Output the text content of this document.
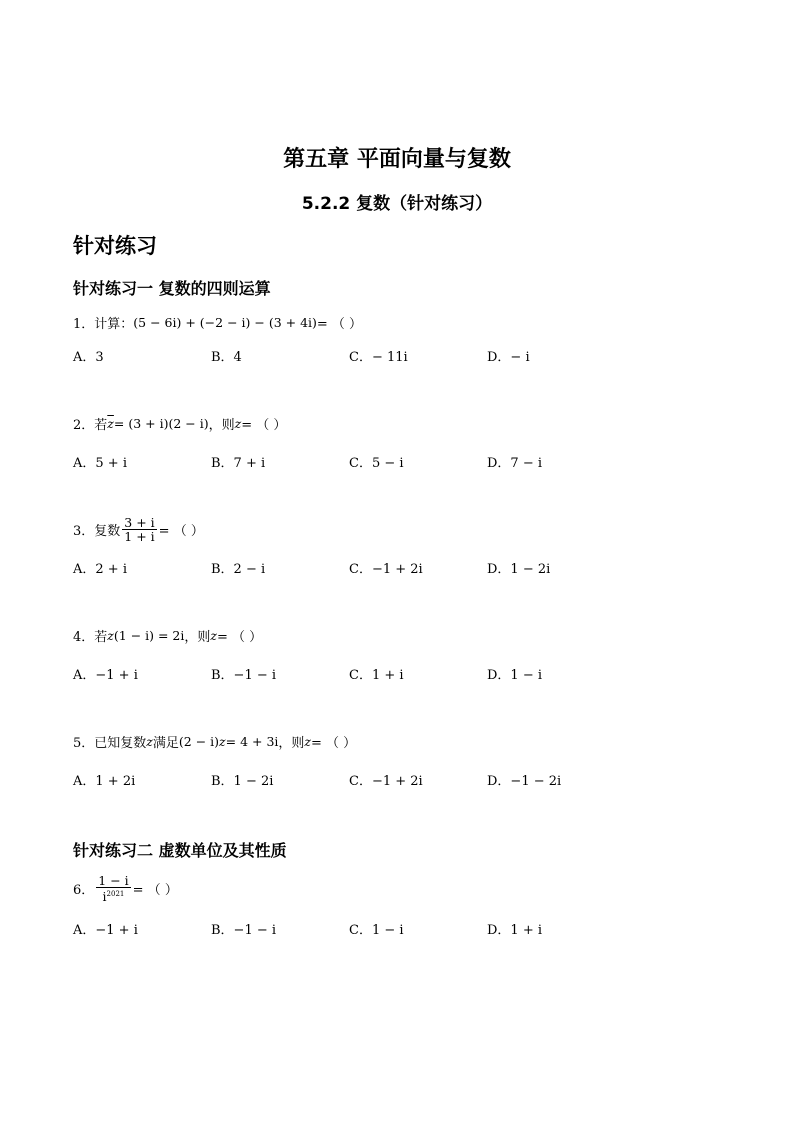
第五章 平面向量与复数
5.2.2 复数（针对练习）
针对练习
针对练习一 复数的四则运算
1． 计算： (5 − 6i) + (−2 − i) − (3 + 4i) = （ ）
A．3	B．4	C．− 11i	D．− i
2． 若 $\overline{z} = (3 + i)(2 - i)$ ，则 z = （ ）
A．5 + i	B．7 + i	C．5 − i	D．7 − i
3． 复数 $\frac{3 + i}{1 + i}$ = （ ）
A．2 + i	B．2 − i	C．−1 + 2i	D．1 − 2i
4． 若 z (1 − i) = 2i ，则 z = （ ）
A．−1 + i	B．−1 − i	C．1 + i	D．1 − i
5． 已知复数 z 满足 (2 − i) z = 4 + 3i ，则 z = （ ）
A．1 + 2i	B．1 − 2i	C．−1 + 2i	D．−1 − 2i
针对练习二 虚数单位及其性质
6． $\frac{1 - i}{i^{2021}}$ = （ ）
A．−1 + i	B．−1 − i	C．1 − i	D．1 + i
